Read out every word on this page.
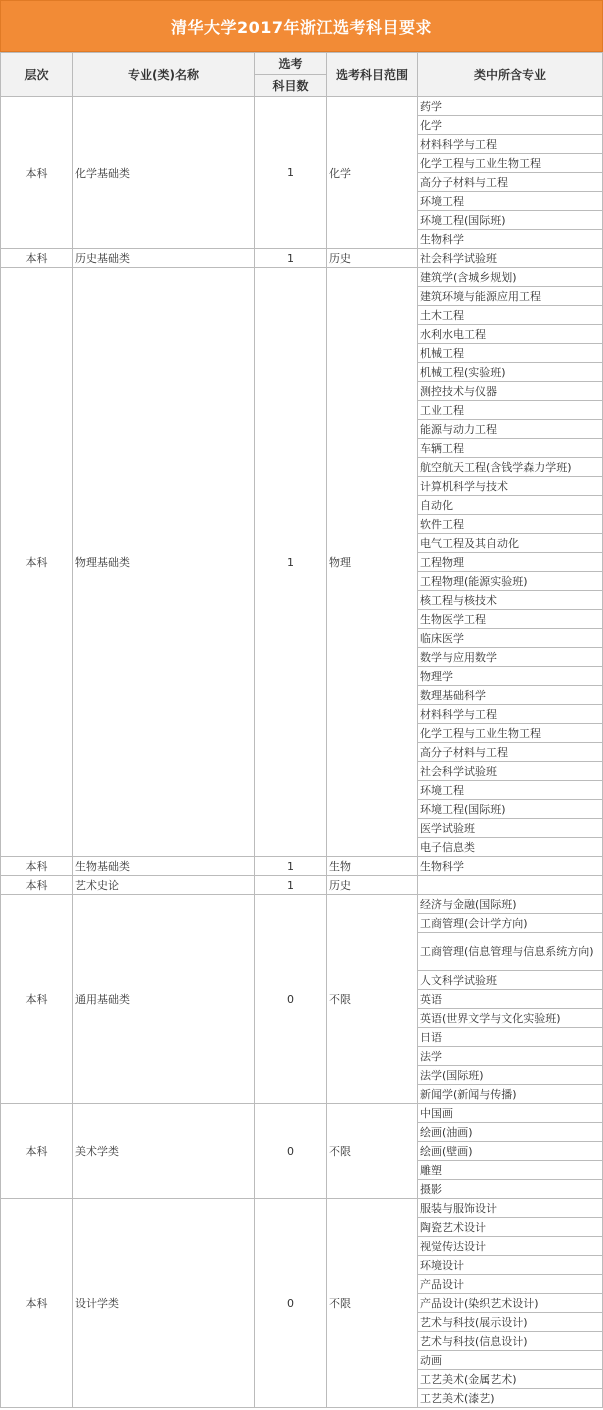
清华大学2017年浙江选考科目要求
层次	专业(类)名称	选考	选考科目范围	类中所含专业
		科目数		
本科	化学基础类	1	化学	药学
				化学
				材料科学与工程
				化学工程与工业生物工程
				高分子材料与工程
				环境工程
				环境工程(国际班)
				生物科学
本科	历史基础类	1	历史	社会科学试验班
本科	物理基础类	1	物理	建筑学(含城乡规划)
				建筑环境与能源应用工程
				土木工程
				水利水电工程
				机械工程
				机械工程(实验班)
				测控技术与仪器
				工业工程
				能源与动力工程
				车辆工程
				航空航天工程(含钱学森力学班)
				计算机科学与技术
				自动化
				软件工程
				电气工程及其自动化
				工程物理
				工程物理(能源实验班)
				核工程与核技术
				生物医学工程
				临床医学
				数学与应用数学
				物理学
				数理基础科学
				材料科学与工程
				化学工程与工业生物工程
				高分子材料与工程
				社会科学试验班
				环境工程
				环境工程(国际班)
				医学试验班
				电子信息类
本科	生物基础类	1	生物	生物科学
本科	艺术史论	1	历史	
本科	通用基础类	0	不限	经济与金融(国际班)
				工商管理(会计学方向)
				工商管理(信息管理与信息系统方向)
				人文科学试验班
				英语
				英语(世界文学与文化实验班)
				日语
				法学
				法学(国际班)
				新闻学(新闻与传播)
本科	美术学类	0	不限	中国画
				绘画(油画)
				绘画(壁画)
				雕塑
				摄影
本科	设计学类	0	不限	服装与服饰设计
				陶瓷艺术设计
				视觉传达设计
				环境设计
				产品设计
				产品设计(染织艺术设计)
				艺术与科技(展示设计)
				艺术与科技(信息设计)
				动画
				工艺美术(金属艺术)
				工艺美术(漆艺)
